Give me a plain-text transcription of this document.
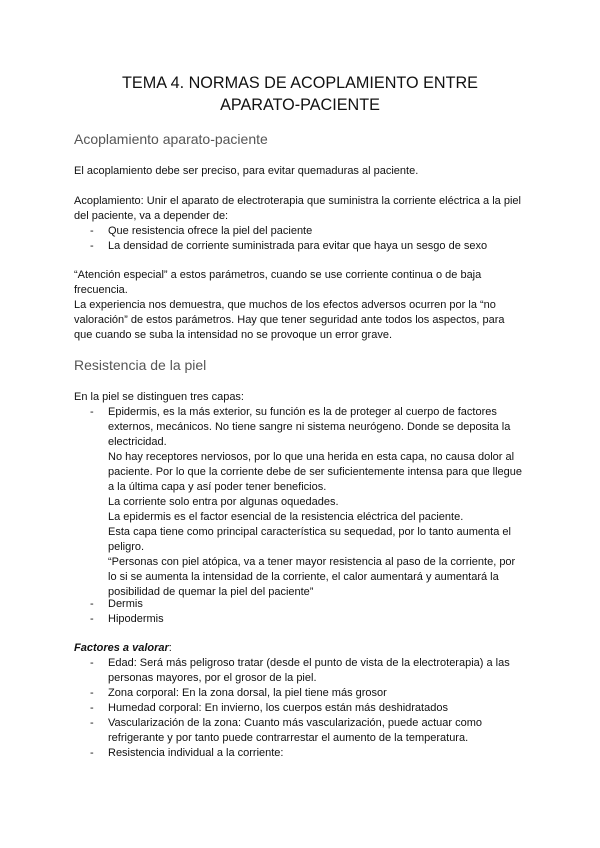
TEMA 4. NORMAS DE ACOPLAMIENTO ENTRE
APARATO-PACIENTE
Acoplamiento aparato-paciente
El acoplamiento debe ser preciso, para evitar quemaduras al paciente.
Acoplamiento: Unir el aparato de electroterapia que suministra la corriente eléctrica a la piel
del paciente, va a depender de:
- Que resistencia ofrece la piel del paciente
- La densidad de corriente suministrada para evitar que haya un sesgo de sexo
“Atención especial” a estos parámetros, cuando se use corriente continua o de baja
frecuencia.
La experiencia nos demuestra, que muchos de los efectos adversos ocurren por la “no
valoración” de estos parámetros. Hay que tener seguridad ante todos los aspectos, para
que cuando se suba la intensidad no se provoque un error grave.
Resistencia de la piel
En la piel se distinguen tres capas:
- Epidermis, es la más exterior, su función es la de proteger al cuerpo de factores
externos, mecánicos. No tiene sangre ni sistema neurógeno. Donde se deposita la
electricidad.
No hay receptores nerviosos, por lo que una herida en esta capa, no causa dolor al
paciente. Por lo que la corriente debe de ser suficientemente intensa para que llegue
a la última capa y así poder tener beneficios.
La corriente solo entra por algunas oquedades.
La epidermis es el factor esencial de la resistencia eléctrica del paciente.
Esta capa tiene como principal característica su sequedad, por lo tanto aumenta el
peligro.
“Personas con piel atópica, va a tener mayor resistencia al paso de la corriente, por
lo si se aumenta la intensidad de la corriente, el calor aumentará y aumentará la
posibilidad de quemar la piel del paciente”
- Dermis
- Hipodermis
Factores a valorar:
- Edad: Será más peligroso tratar (desde el punto de vista de la electroterapia) a las
personas mayores, por el grosor de la piel.
- Zona corporal: En la zona dorsal, la piel tiene más grosor
- Humedad corporal: En invierno, los cuerpos están más deshidratados
- Vascularización de la zona: Cuanto más vascularización, puede actuar como
refrigerante y por tanto puede contrarrestar el aumento de la temperatura.
- Resistencia individual a la corriente:
